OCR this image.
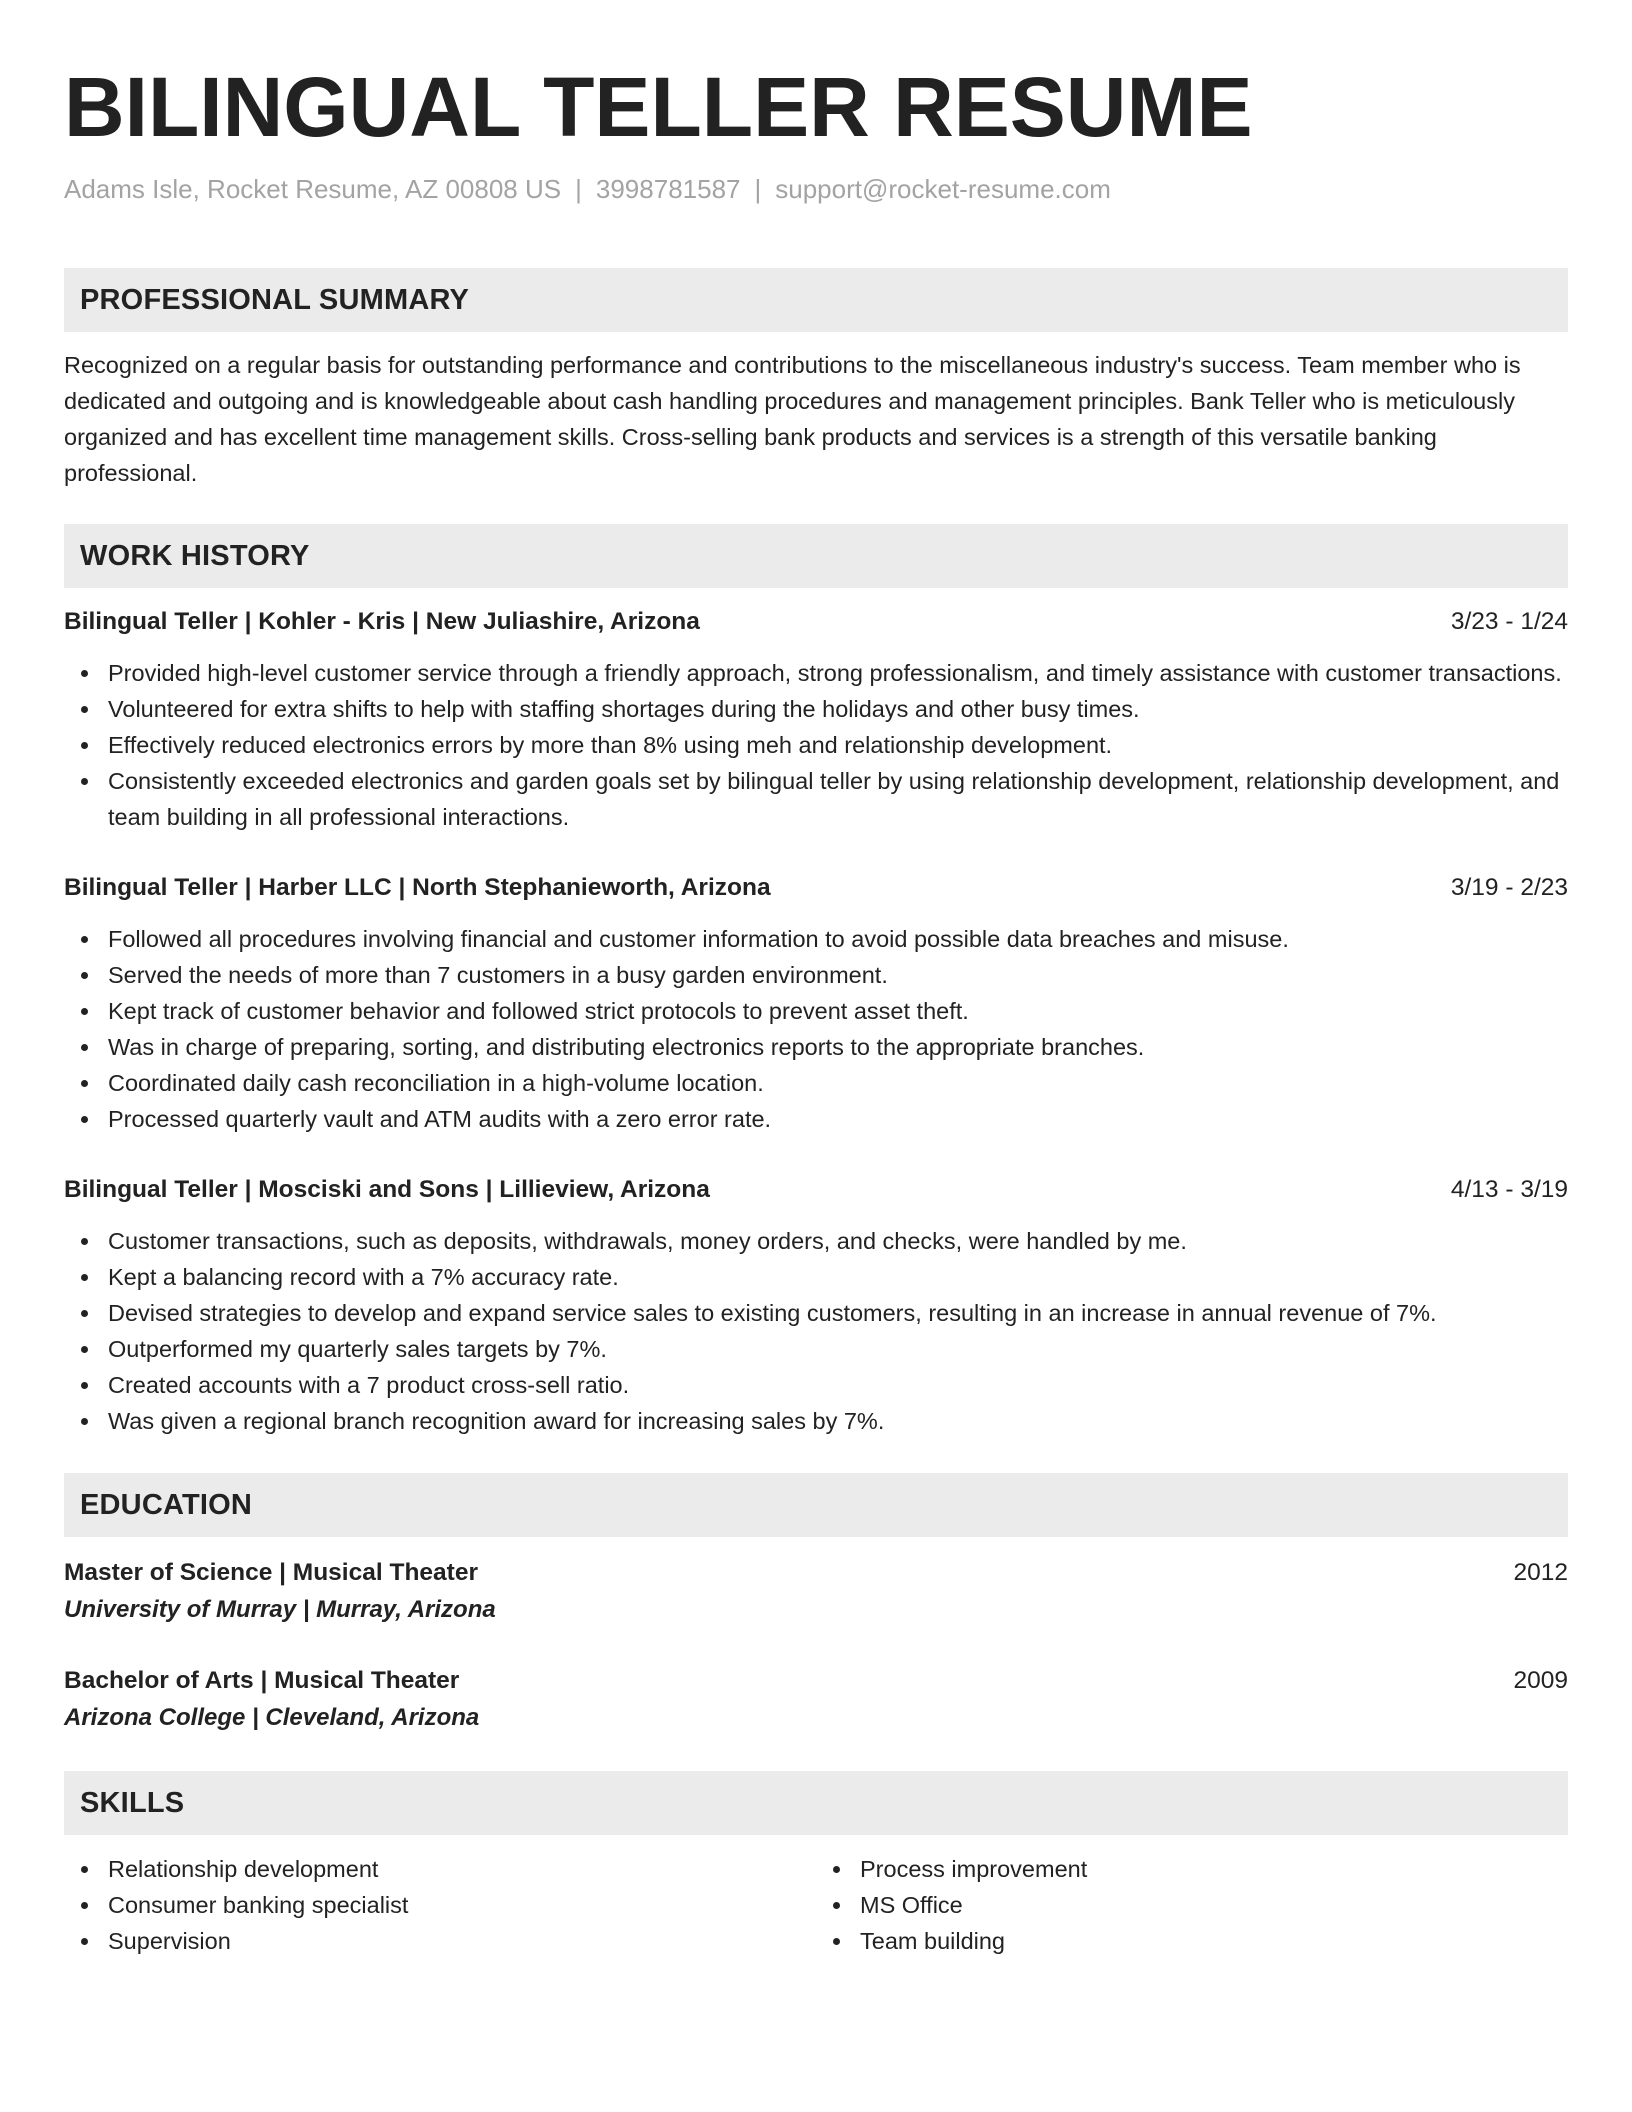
BILINGUAL TELLER RESUME
Adams Isle, Rocket Resume, AZ 00808 US | 3998781587 | support@rocket-resume.com
PROFESSIONAL SUMMARY

Recognized on a regular basis for outstanding performance and contributions to the miscellaneous industry's success. Team member who is dedicated and outgoing and is knowledgeable about cash handling procedures and management principles. Bank Teller who is meticulously organized and has excellent time management skills. Cross-selling bank products and services is a strength of this versatile banking professional.

WORK HISTORY
Bilingual Teller | Kohler - Kris | New Juliashire, Arizona	3/23 - 1/24
Provided high-level customer service through a friendly approach, strong professionalism, and timely assistance with customer transactions.
Volunteered for extra shifts to help with staffing shortages during the holidays and other busy times.
Effectively reduced electronics errors by more than 8% using meh and relationship development.
Consistently exceeded electronics and garden goals set by bilingual teller by using relationship development, relationship development, and team building in all professional interactions.
Bilingual Teller | Harber LLC | North Stephanieworth, Arizona	3/19 - 2/23
Followed all procedures involving financial and customer information to avoid possible data breaches and misuse.
Served the needs of more than 7 customers in a busy garden environment.
Kept track of customer behavior and followed strict protocols to prevent asset theft.
Was in charge of preparing, sorting, and distributing electronics reports to the appropriate branches.
Coordinated daily cash reconciliation in a high-volume location.
Processed quarterly vault and ATM audits with a zero error rate.
Bilingual Teller | Mosciski and Sons | Lillieview, Arizona	4/13 - 3/19
Customer transactions, such as deposits, withdrawals, money orders, and checks, were handled by me.
Kept a balancing record with a 7% accuracy rate.
Devised strategies to develop and expand service sales to existing customers, resulting in an increase in annual revenue of 7%.
Outperformed my quarterly sales targets by 7%.
Created accounts with a 7 product cross-sell ratio.
Was given a regional branch recognition award for increasing sales by 7%.
EDUCATION
Master of Science | Musical Theater	2012
University of Murray | Murray, Arizona
Bachelor of Arts | Musical Theater	2009
Arizona College | Cleveland, Arizona
SKILLS
Relationship development
Consumer banking specialist
Supervision
Process improvement
MS Office
Team building
